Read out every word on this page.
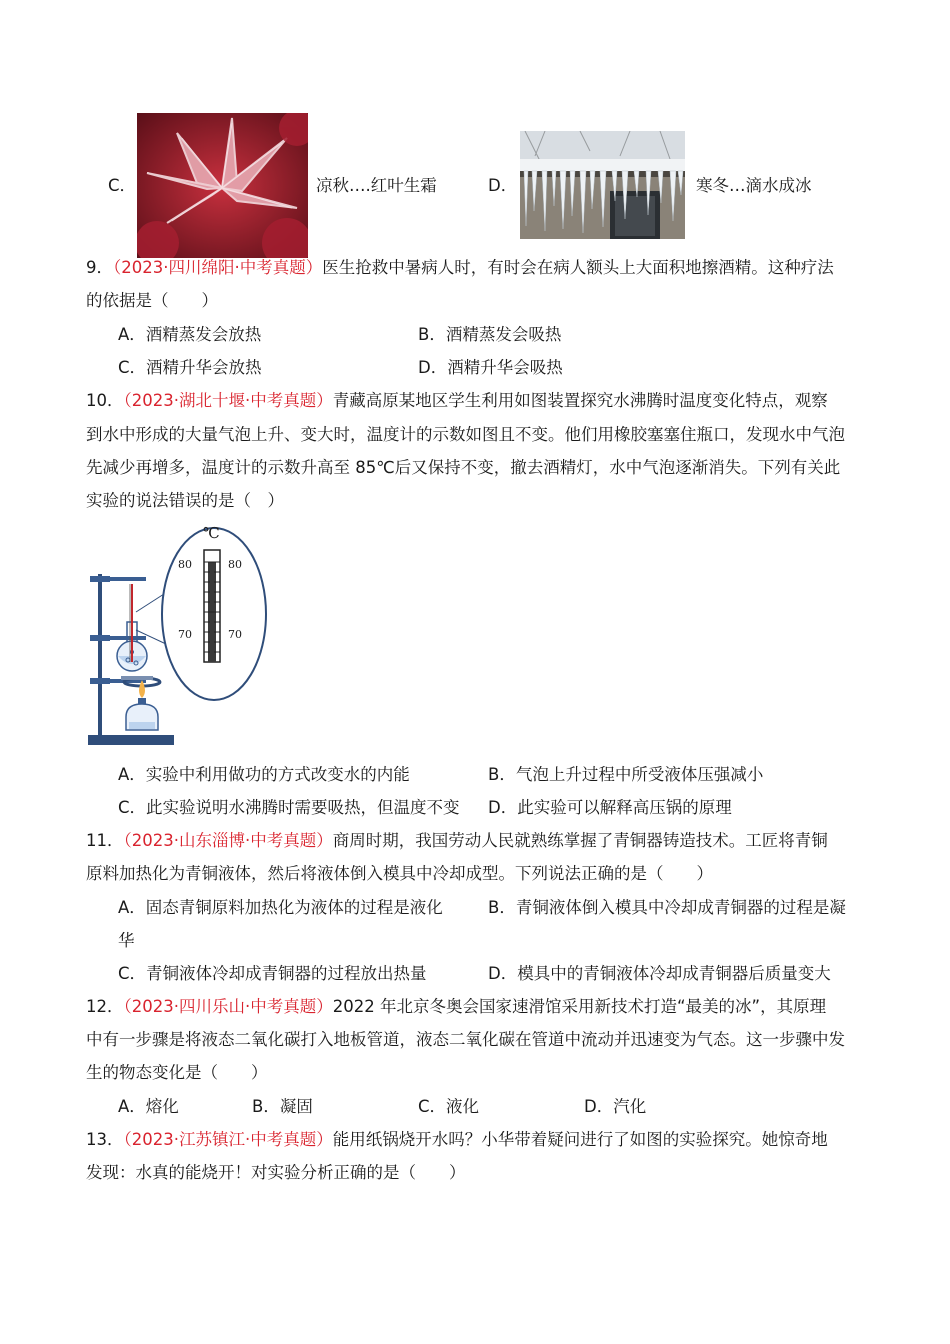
C．	凉秋….红叶生霜	D．	寒冬…滴水成冰
9．（2023·四川绵阳·中考真题）医生抢救中暑病人时，有时会在病人额头上大面积地擦酒精。这种疗法
的依据是（　　）
A．酒精蒸发会放热	B．酒精蒸发会吸热
C．酒精升华会放热	D．酒精升华会吸热
10．（2023·湖北十堰·中考真题）青藏高原某地区学生利用如图装置探究水沸腾时温度变化特点，观察
到水中形成的大量气泡上升、变大时，温度计的示数如图且不变。他们用橡胶塞塞住瓶口，发现水中气泡
先减少再增多，温度计的示数升高至 85℃后又保持不变，撤去酒精灯，水中气泡逐渐消失。下列有关此
实验的说法错误的是（　）
℃
80	80
70	70
A．实验中利用做功的方式改变水的内能	B．气泡上升过程中所受液体压强减小
C．此实验说明水沸腾时需要吸热，但温度不变 D．此实验可以解释高压锅的原理
11．（2023·山东淄博·中考真题）商周时期，我国劳动人民就熟练掌握了青铜器铸造技术。工匠将青铜
原料加热化为青铜液体，然后将液体倒入模具中冷却成型。下列说法正确的是（　　）
A．固态青铜原料加热化为液体的过程是液化	B．青铜液体倒入模具中冷却成青铜器的过程是凝
华
C．青铜液体冷却成青铜器的过程放出热量	D．模具中的青铜液体冷却成青铜器后质量变大
12．（2023·四川乐山·中考真题）2022 年北京冬奥会国家速滑馆采用新技术打造“最美的冰”，其原理
中有一步骤是将液态二氧化碳打入地板管道，液态二氧化碳在管道中流动并迅速变为气态。这一步骤中发
生的物态变化是（　　）
A．熔化	B．凝固	C．液化	D．汽化
13．（2023·江苏镇江·中考真题）能用纸锅烧开水吗？小华带着疑问进行了如图的实验探究。她惊奇地
发现：水真的能烧开！对实验分析正确的是（　　）
